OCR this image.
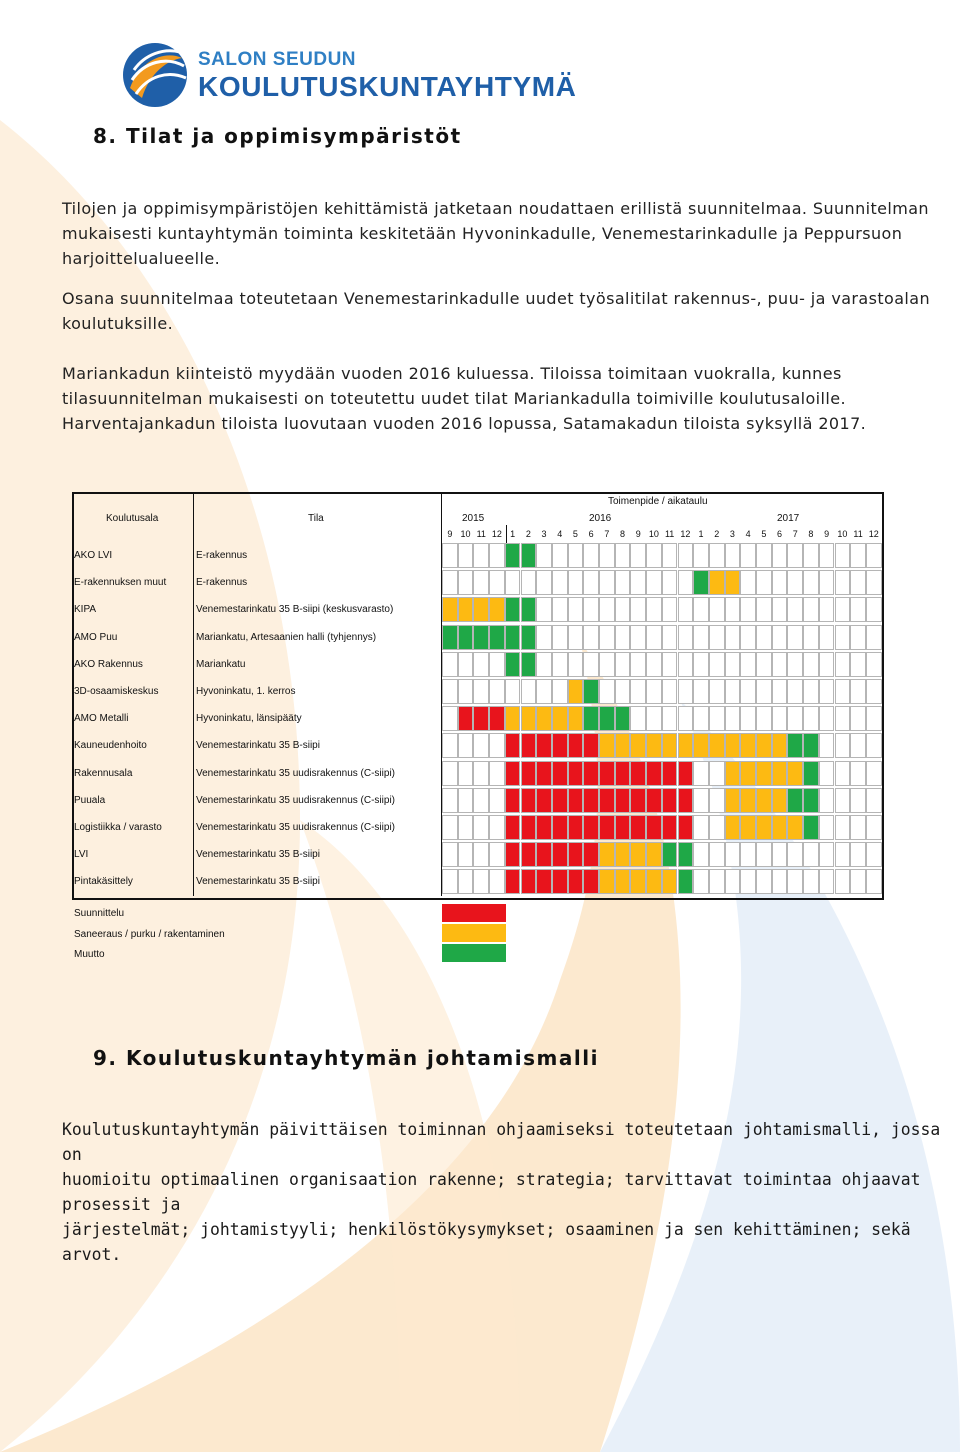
SALON SEUDUN
KOULUTUSKUNTAYHTYMÄ
8. Tilat ja oppimisympäristöt
Tilojen ja oppimisympäristöjen kehittämistä jatketaan noudattaen erillistä suunnitelmaa. Suunnitelman
mukaisesti kuntayhtymän toiminta keskitetään Hyvoninkadulle, Venemestarinkadulle ja Peppursuon
harjoittelualueelle.
Osana suunnitelmaa toteutetaan Venemestarinkadulle uudet työsalitilat rakennus-, puu- ja varastoalan
koulutuksille.
Mariankadun kiinteistö myydään vuoden 2016 kuluessa. Tiloissa toimitaan vuokralla, kunnes
tilasuunnitelman mukaisesti on toteutettu uudet tilat Mariankadulla toimiville koulutusaloille.
Harventajankadun tiloista luovutaan vuoden 2016 lopussa, Satamakadun tiloista syksyllä 2017.
Koulutusala	Tila
Toimenpide / aikataulu
2015	2016	2017
9 10 11 12 1	2	3	4	5	6	7	8	9 10 11 12 1	2	3	4	5	6	7	8	9 10 11 12
AKO LVI	E-rakennus
E-rakennuksen muut	E-rakennus
KIPA	Venemestarinkatu 35 B-siipi (keskusvarasto)
AMO Puu	Mariankatu, Artesaanien halli (tyhjennys)
AKO Rakennus	Mariankatu
3D-osaamiskeskus	Hyvoninkatu, 1. kerros
AMO Metalli	Hyvoninkatu, länsipääty
Kauneudenhoito	Venemestarinkatu 35 B-siipi
Rakennusala	Venemestarinkatu 35 uudisrakennus (C-siipi)
Puuala	Venemestarinkatu 35 uudisrakennus (C-siipi)
Logistiikka / varasto	Venemestarinkatu 35 uudisrakennus (C-siipi)
LVI	Venemestarinkatu 35 B-siipi
Pintakäsittely	Venemestarinkatu 35 B-siipi
Suunnittelu
Saneeraus / purku / rakentaminen
Muutto
9. Koulutuskuntayhtymän johtamismalli
Koulutuskuntayhtymän päivittäisen toiminnan ohjaamiseksi toteutetaan johtamismalli, jossa on
huomioitu optimaalinen organisaation rakenne; strategia; tarvittavat toimintaa ohjaavat prosessit ja
järjestelmät; johtamistyyli; henkilöstökysymykset; osaaminen ja sen kehittäminen; sekä arvot.
